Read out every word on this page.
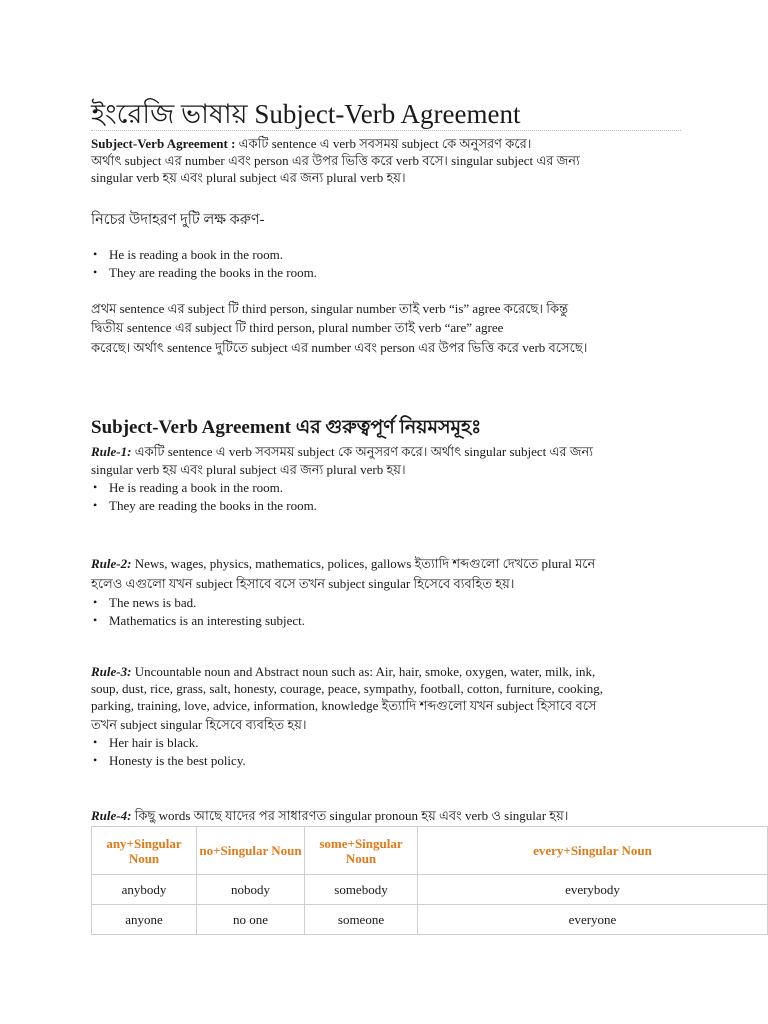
ইংরেজি ভাষায় Subject-Verb Agreement

Subject-Verb Agreement : একটি sentence এ verb সবসময় subject কে অনুসরণ করে।

অর্থাৎ subject এর number এবং person এর উপর ভিত্তি করে verb বসে। singular subject এর জন্য

singular verb হয় এবং plural subject এর জন্য plural verb হয়।

নিচের উদাহরণ দুটি লক্ষ করুণ-

• He is reading a book in the room.
• They are reading the books in the room.

প্রথম sentence এর subject টি third person, singular number তাই verb “is” agree করেছে। কিন্তু

দ্বিতীয় sentence এর subject টি third person, plural number তাই verb “are” agree

করেছে। অর্থাৎ sentence দুটিতে subject এর number এবং person এর উপর ভিত্তি করে verb বসেছে।

Subject-Verb Agreement এর গুরুত্বপূর্ণ নিয়মসমূহঃ

Rule-1: একটি sentence এ verb সবসময় subject কে অনুসরণ করে। অর্থাৎ singular subject এর জন্য

singular verb হয় এবং plural subject এর জন্য plural verb হয়।

• He is reading a book in the room.
• They are reading the books in the room.

Rule-2: News, wages, physics, mathematics, polices, gallows ইত্যাদি শব্দগুলো দেখতে plural মনে

হলেও এগুলো যখন subject হিসাবে বসে তখন subject singular হিসেবে ব্যবহিত হয়।

• The news is bad.
• Mathematics is an interesting subject.

Rule-3: Uncountable noun and Abstract noun such as: Air, hair, smoke, oxygen, water, milk, ink,

soup, dust, rice, grass, salt, honesty, courage, peace, sympathy, football, cotton, furniture, cooking,

parking, training, love, advice, information, knowledge ইত্যাদি শব্দগুলো যখন subject হিসাবে বসে

তখন subject singular হিসেবে ব্যবহিত হয়।

• Her hair is black.
• Honesty is the best policy.

Rule-4: কিছু words আছে যাদের পর সাধারণত singular pronoun হয় এবং verb ও singular হয়।

any+Singular Noun	no+Singular Noun	some+Singular Noun	every+Singular Noun
anybody	nobody	somebody	everybody
anyone	no one	someone	everyone
